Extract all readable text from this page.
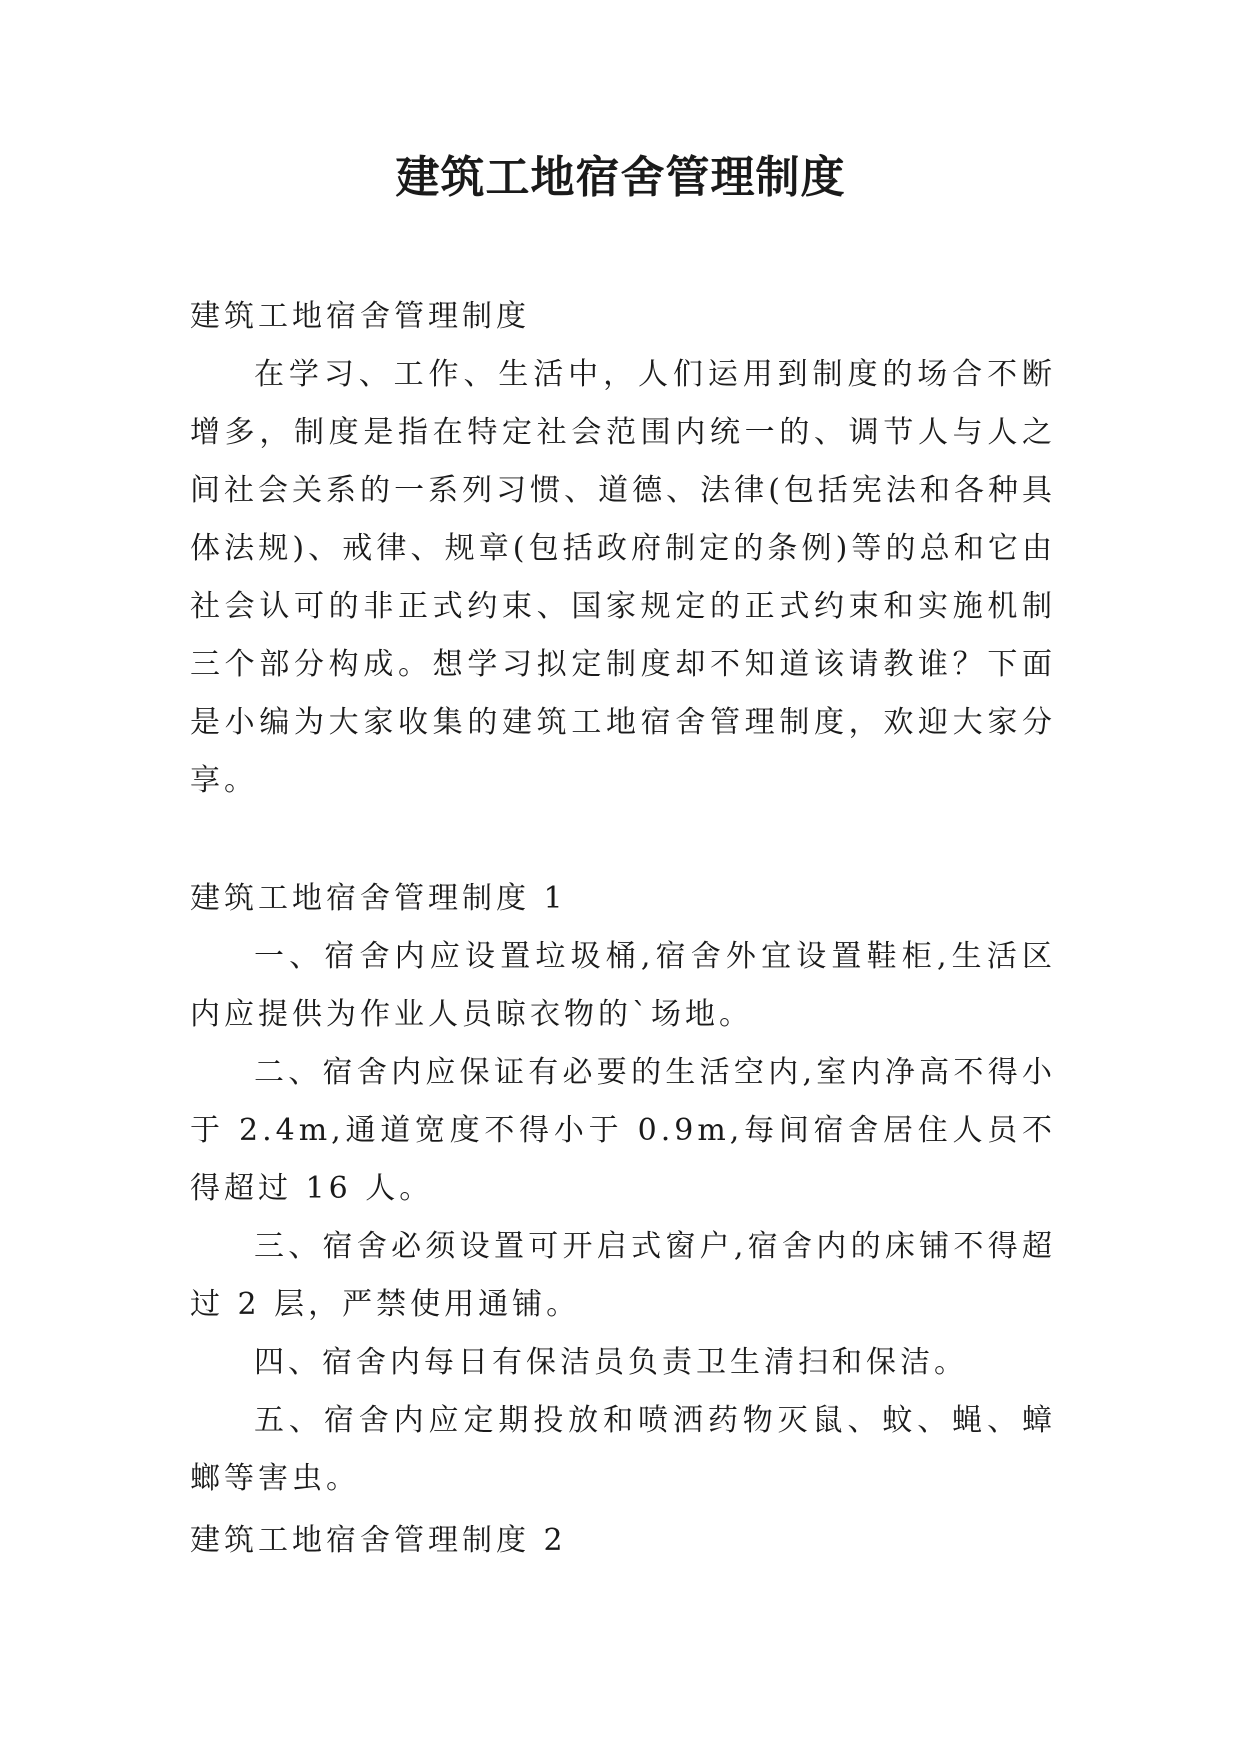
建筑工地宿舍管理制度

建筑工地宿舍管理制度

在学习、工作、生活中，人们运用到制度的场合不断增多，制度是指在特定社会范围内统一的、调节人与人之间社会关系的一系列习惯、道德、法律(包括宪法和各种具体法规)、戒律、规章(包括政府制定的条例)等的总和它由社会认可的非正式约束、国家规定的正式约束和实施机制三个部分构成。想学习拟定制度却不知道该请教谁？下面是小编为大家收集的建筑工地宿舍管理制度，欢迎大家分享。

建筑工地宿舍管理制度 1

一、宿舍内应设置垃圾桶,宿舍外宜设置鞋柜,生活区内应提供为作业人员晾衣物的`场地。

二、宿舍内应保证有必要的生活空内,室内净高不得小于 2.4m,通道宽度不得小于 0.9m,每间宿舍居住人员不得超过 16 人。

三、宿舍必须设置可开启式窗户,宿舍内的床铺不得超过 2 层，严禁使用通铺。

四、宿舍内每日有保洁员负责卫生清扫和保洁。

五、宿舍内应定期投放和喷洒药物灭鼠、蚊、蝇、蟑螂等害虫。

建筑工地宿舍管理制度 2
